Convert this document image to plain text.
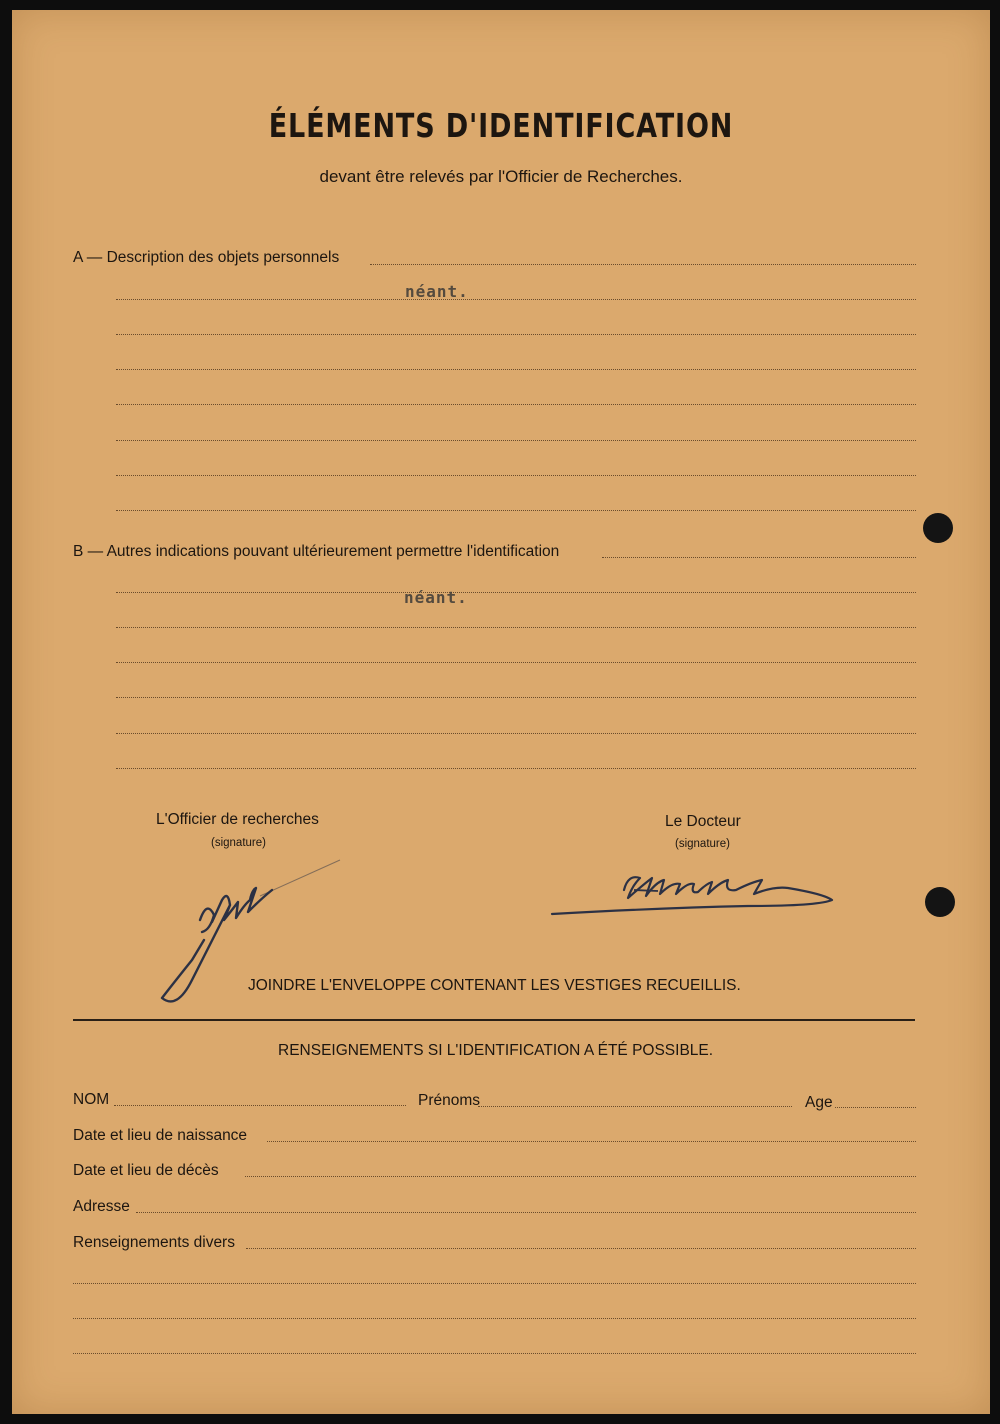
ÉLÉMENTS D'IDENTIFICATION
devant être relevés par l'Officier de Recherches.
A — Description des objets personnels
néant.
B — Autres indications pouvant ultérieurement permettre l'identification
néant.
L'Officier de recherches
(signature)
Le Docteur
(signature)
JOINDRE L'ENVELOPPE CONTENANT LES VESTIGES RECUEILLIS.
RENSEIGNEMENTS SI L'IDENTIFICATION A ÉTÉ POSSIBLE.
NOM	Prénoms	Age
Date et lieu de naissance
Date et lieu de décès
Adresse
Renseignements divers
